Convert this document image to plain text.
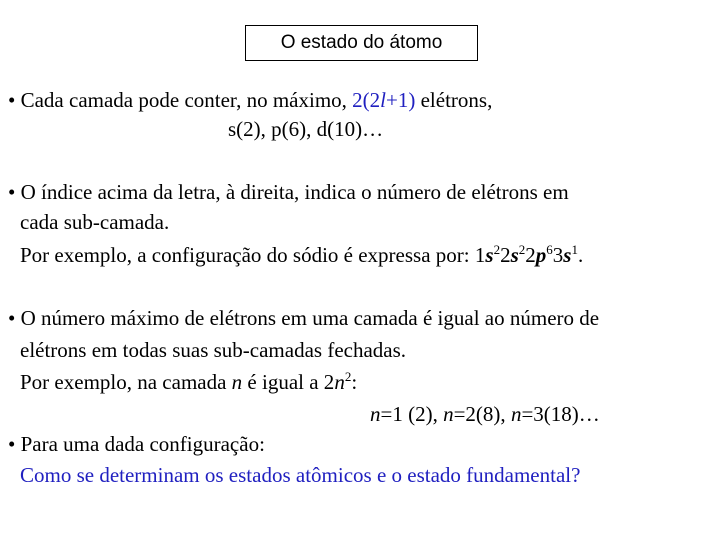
O estado do átomo
• Cada camada pode conter, no máximo, 2(2l+1) elétrons,
s(2), p(6), d(10)…
• O índice acima da letra, à direita, indica o número de elétrons em
cada sub-camada.
Por exemplo, a configuração do sódio é expressa por: $1s^22s^22p^63s^1$.
• O número máximo de elétrons em uma camada é igual ao número de
elétrons em todas suas sub-camadas fechadas.
Por exemplo, na camada n é igual a $2n^2$:
n=1 (2), n=2(8), n=3(18)…
• Para uma dada configuração:
Como se determinam os estados atômicos e o estado fundamental?
